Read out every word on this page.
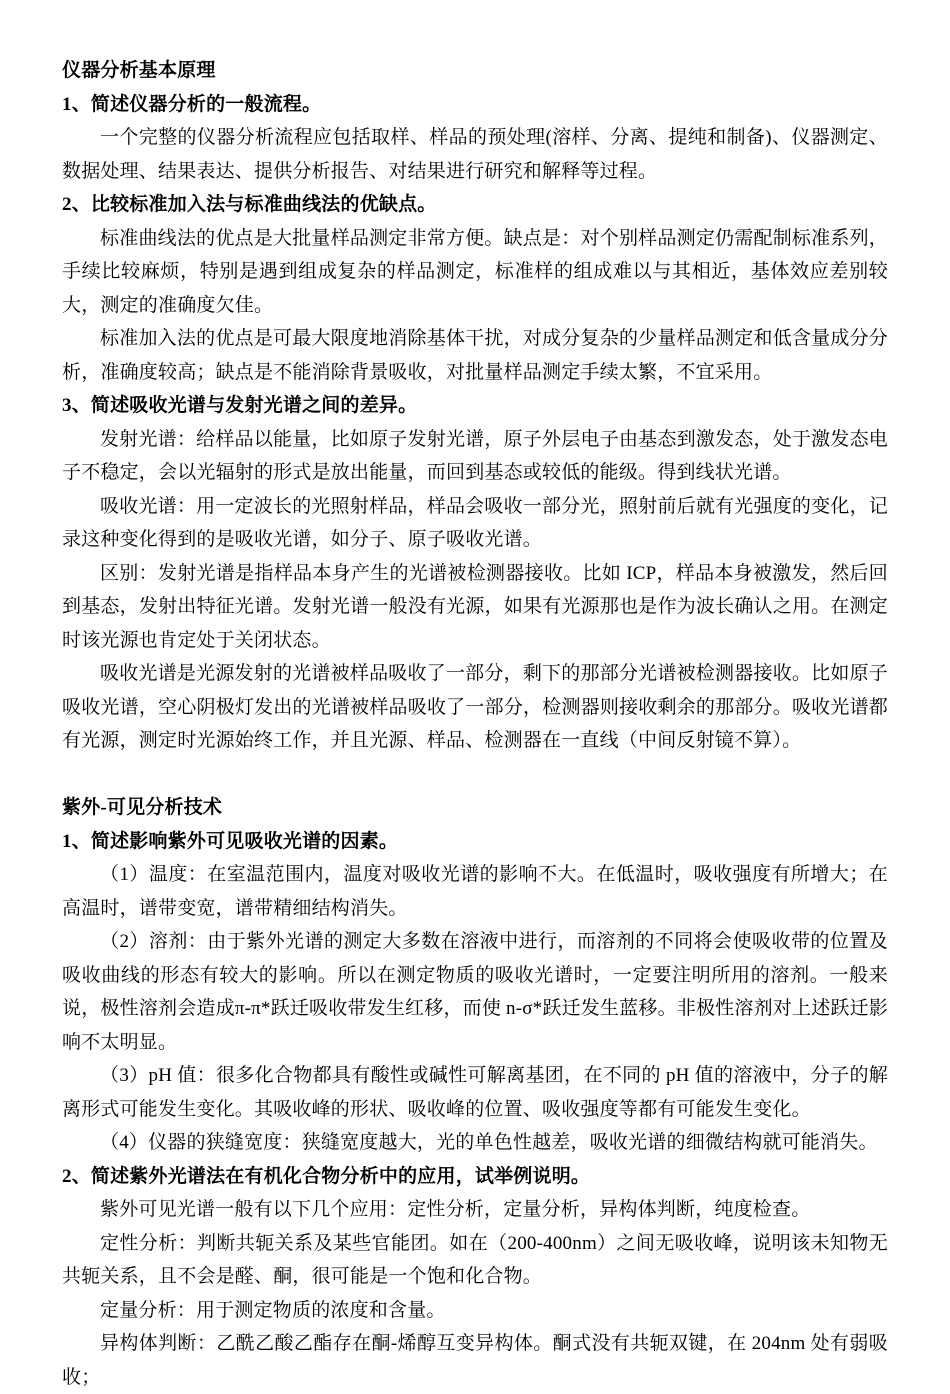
仪器分析基本原理

1、简述仪器分析的一般流程。

一个完整的仪器分析流程应包括取样、样品的预处理(溶样、分离、提纯和制备)、仪器测定、数据处理、结果表达、提供分析报告、对结果进行研究和解释等过程。

2、比较标准加入法与标准曲线法的优缺点。

标准曲线法的优点是大批量样品测定非常方便。缺点是：对个别样品测定仍需配制标准系列，手续比较麻烦，特别是遇到组成复杂的样品测定，标准样的组成难以与其相近，基体效应差别较大，测定的准确度欠佳。

标准加入法的优点是可最大限度地消除基体干扰，对成分复杂的少量样品测定和低含量成分分析，准确度较高；缺点是不能消除背景吸收，对批量样品测定手续太繁，不宜采用。

3、简述吸收光谱与发射光谱之间的差异。

发射光谱：给样品以能量，比如原子发射光谱，原子外层电子由基态到激发态，处于激发态电子不稳定，会以光辐射的形式是放出能量，而回到基态或较低的能级。得到线状光谱。

吸收光谱：用一定波长的光照射样品，样品会吸收一部分光，照射前后就有光强度的变化，记录这种变化得到的是吸收光谱，如分子、原子吸收光谱。

区别：发射光谱是指样品本身产生的光谱被检测器接收。比如 ICP，样品本身被激发，然后回到基态，发射出特征光谱。发射光谱一般没有光源，如果有光源那也是作为波长确认之用。在测定时该光源也肯定处于关闭状态。

吸收光谱是光源发射的光谱被样品吸收了一部分，剩下的那部分光谱被检测器接收。比如原子吸收光谱，空心阴极灯发出的光谱被样品吸收了一部分，检测器则接收剩余的那部分。吸收光谱都有光源，测定时光源始终工作，并且光源、样品、检测器在一直线（中间反射镜不算）。

紫外-可见分析技术

1、简述影响紫外可见吸收光谱的因素。

（1）温度：在室温范围内，温度对吸收光谱的影响不大。在低温时，吸收强度有所增大；在高温时，谱带变宽，谱带精细结构消失。

（2）溶剂：由于紫外光谱的测定大多数在溶液中进行，而溶剂的不同将会使吸收带的位置及吸收曲线的形态有较大的影响。所以在测定物质的吸收光谱时，一定要注明所用的溶剂。一般来说，极性溶剂会造成π-π*跃迁吸收带发生红移，而使 n-σ*跃迁发生蓝移。非极性溶剂对上述跃迁影响不太明显。

（3）pH 值：很多化合物都具有酸性或碱性可解离基团，在不同的 pH 值的溶液中，分子的解离形式可能发生变化。其吸收峰的形状、吸收峰的位置、吸收强度等都有可能发生变化。

（4）仪器的狭缝宽度：狭缝宽度越大，光的单色性越差，吸收光谱的细微结构就可能消失。

2、简述紫外光谱法在有机化合物分析中的应用，试举例说明。

紫外可见光谱一般有以下几个应用：定性分析，定量分析，异构体判断，纯度检查。

定性分析：判断共轭关系及某些官能团。如在（200-400nm）之间无吸收峰，说明该未知物无共轭关系，且不会是醛、酮，很可能是一个饱和化合物。

定量分析：用于测定物质的浓度和含量。

异构体判断：乙酰乙酸乙酯存在酮-烯醇互变异构体。酮式没有共轭双键，在 204nm 处有弱吸收；
